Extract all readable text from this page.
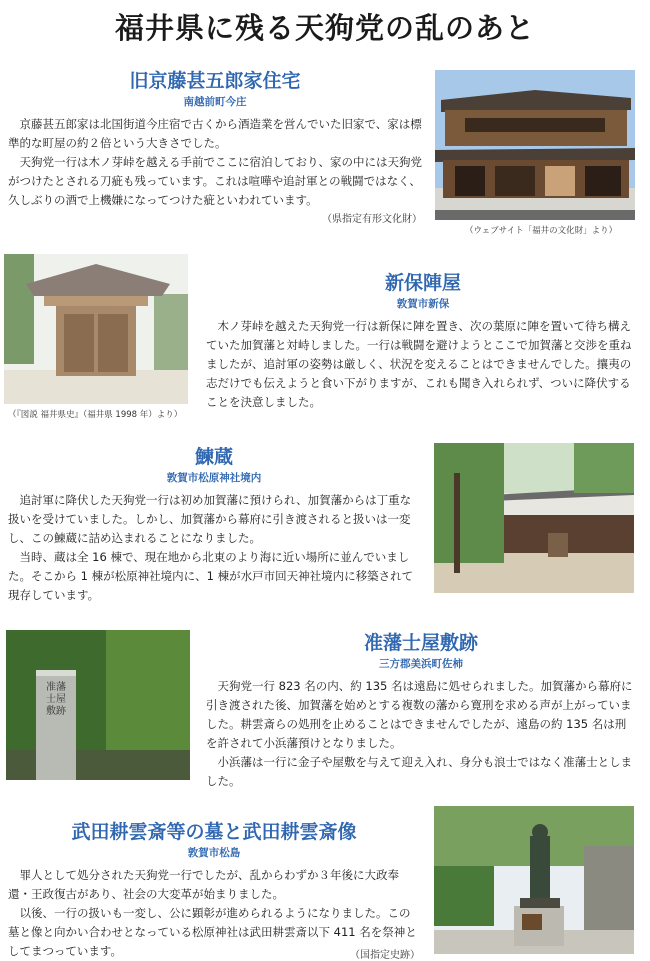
福井県に残る天狗党の乱のあと
旧京藤甚五郎家住宅
南越前町今庄

京藤甚五郎家は北国街道今庄宿で古くから酒造業を営んでいた旧家で、家は標準的な町屋の約２倍という大きさでした。

天狗党一行は木ノ芽峠を越える手前でここに宿泊しており、家の中には天狗党がつけたとされる刀疵も残っています。これは喧嘩や追討軍との戦闘ではなく、久しぶりの酒で上機嫌になってつけた疵といわれています。

（県指定有形文化財）
（ウェブサイト「福井の文化財」より）
（『図説 福井県史』（福井県 1998 年）より）
新保陣屋
敦賀市新保

木ノ芽峠を越えた天狗党一行は新保に陣を置き、次の葉原に陣を置いて待ち構えていた加賀藩と対峙しました。一行は戦闘を避けようとここで加賀藩と交渉を重ねましたが、追討軍の姿勢は厳しく、状況を変えることはできませんでした。攘夷の志だけでも伝えようと食い下がりますが、これも聞き入れられず、ついに降伏することを決意しました。

鰊蔵
敦賀市松原神社境内

追討軍に降伏した天狗党一行は初め加賀藩に預けられ、加賀藩からは丁重な扱いを受けていました。しかし、加賀藩から幕府に引き渡されると扱いは一変し、この鰊蔵に詰め込まれることになりました。

当時、蔵は全 16 棟で、現在地から北東のより海に近い場所に並んでいました。そこから 1 棟が松原神社境内に、1 棟が水戸市回天神社境内に移築されて現存しています。

准藩士屋敷跡
准藩士屋敷跡
三方郡美浜町佐柿

天狗党一行 823 名の内、約 135 名は遠島に処せられました。加賀藩から幕府に引き渡された後、加賀藩を始めとする複数の藩から寛刑を求める声が上がっていました。耕雲斎らの処刑を止めることはできませんでしたが、遠島の約 135 名は刑を許されて小浜藩預けとなりました。

小浜藩は一行に金子や屋敷を与えて迎え入れ、身分も浪士ではなく准藩士としました。

武田耕雲斎等の墓と武田耕雲斎像
敦賀市松島

罪人として処分された天狗党一行でしたが、乱からわずか３年後に大政奉還・王政復古があり、社会の大変革が始まりました。

以後、一行の扱いも一変し、公に顕彰が進められるようになりました。この墓と像と向かい合わせとなっている松原神社は武田耕雲斎以下 411 名を祭神としてまつっています。	（国指定史跡）
